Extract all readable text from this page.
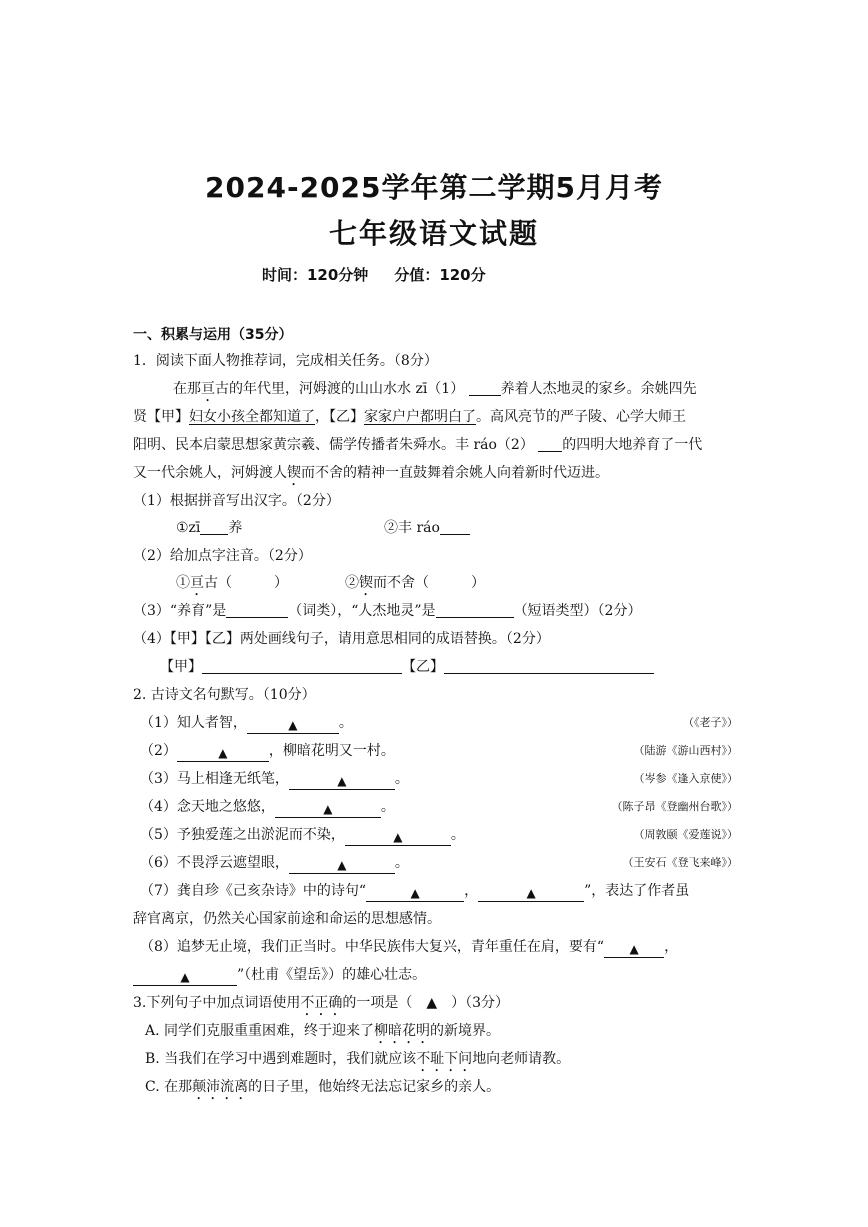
2024-2025学年第二学期5月月考
七年级语文试题
时间：120分钟 分值：120分
一、积累与运用（35分）
1．阅读下面人物推荐词，完成相关任务。（8分）
在那亘古的年代里，河姆渡的山山水水 zī（1）	养着人杰地灵的家乡。余姚四先
贤【甲】妇女小孩全都知道了，【乙】家家户户都明白了。高风亮节的严子陵、心学大师王
阳明、民本启蒙思想家黄宗羲、儒学传播者朱舜水。丰 ráo（2） 的四明大地养育了一代
又一代余姚人，河姆渡人锲而不舍的精神一直鼓舞着余姚人向着新时代迈进。
（1）根据拼音写出汉字。（2分）
①zī 养	②丰 ráo
（2）给加点字注音。（2分）
①亘古（　　　）	②锲而不舍（　　　）
（3）“养育”是	（词类），“人杰地灵”是	（短语类型）（2分）
（4）【甲】【乙】两处画线句子，请用意思相同的成语替换。（2分）
【甲】	【乙】
2. 古诗文名句默写。（10分）
（1）知人者智，	▲	。	（《老子》）
（2）	▲	，柳暗花明又一村。	（陆游《游山西村》）
（3）马上相逢无纸笔，	▲	。	（岑参《逢入京使》）
（4）念天地之悠悠，	▲	。	（陈子昂《登幽州台歌》）
（5）予独爱莲之出淤泥而不染，	▲	。	（周敦颐《爱莲说》）
（6）不畏浮云遮望眼，	▲	。	（王安石《登飞来峰》）
（7）龚自珍《己亥杂诗》中的诗句“	▲	，	▲	”，表达了作者虽
辞官离京，仍然关心国家前途和命运的思想感情。
（8）追梦无止境，我们正当时。中华民族伟大复兴，青年重任在肩，要有“ ▲ ，
▲	”（杜甫《望岳》）的雄心壮志。
3.下列句子中加点词语使用不正确的一项是（　▲　）（3分）
A. 同学们克服重重困难，终于迎来了柳暗花明的新境界。
B. 当我们在学习中遇到难题时，我们就应该不耻下问地向老师请教。
C. 在那颠沛流离的日子里，他始终无法忘记家乡的亲人。
